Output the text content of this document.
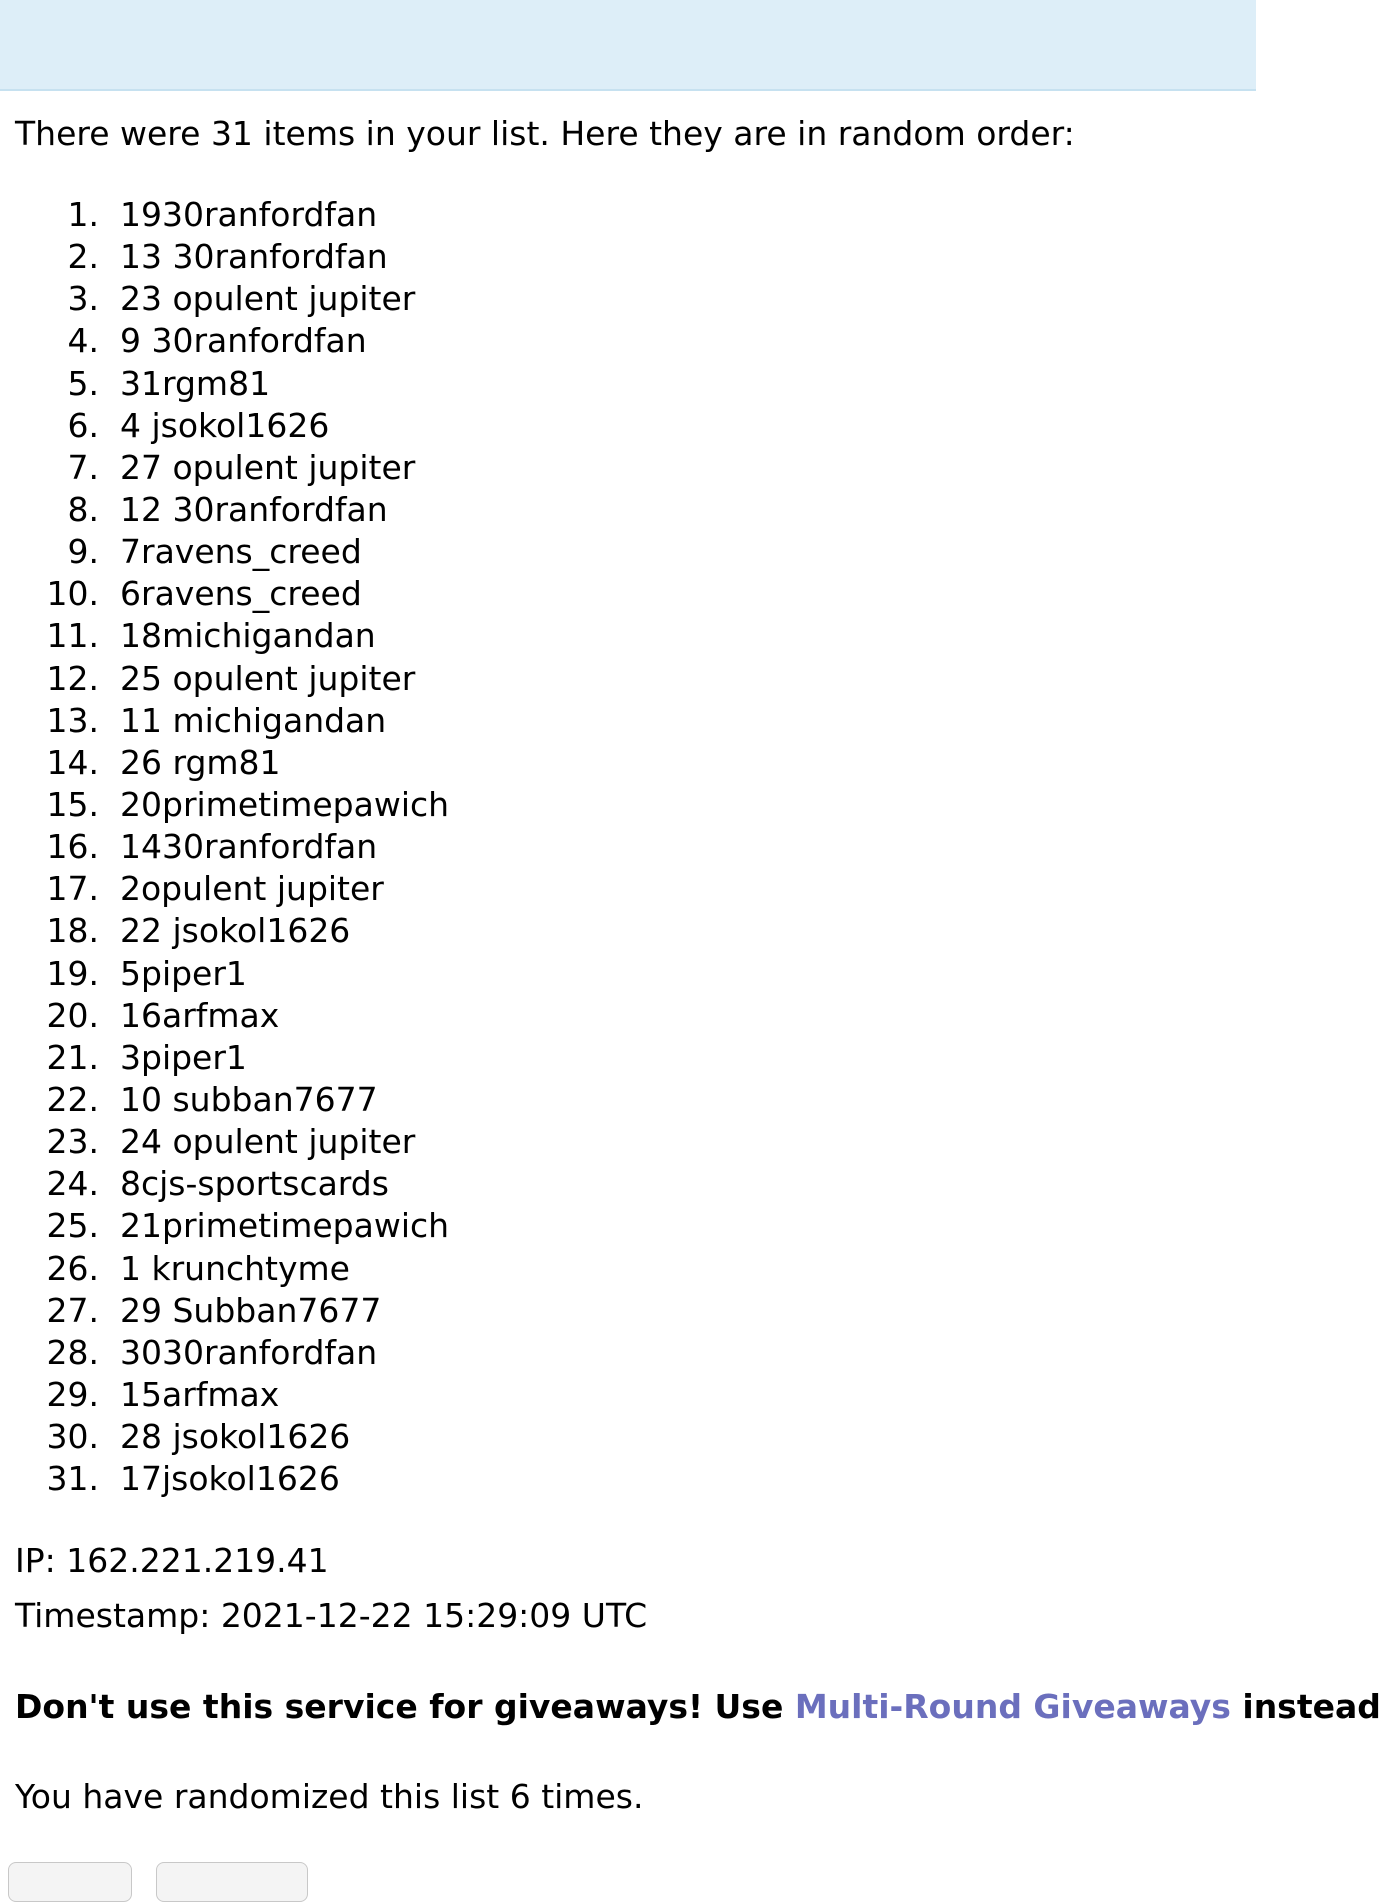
There were 31 items in your list. Here they are in random order:

1. 1930ranfordfan
2. 13 30ranfordfan
3. 23 opulent jupiter
4. 9 30ranfordfan
5. 31rgm81
6. 4 jsokol1626
7. 27 opulent jupiter
8. 12 30ranfordfan
9. 7ravens_creed
10. 6ravens_creed
11. 18michigandan
12. 25 opulent jupiter
13. 11 michigandan
14. 26 rgm81
15. 20primetimepawich
16. 1430ranfordfan
17. 2opulent jupiter
18. 22 jsokol1626
19. 5piper1
20. 16arfmax
21. 3piper1
22. 10 subban7677
23. 24 opulent jupiter
24. 8cjs-sportscards
25. 21primetimepawich
26. 1 krunchtyme
27. 29 Subban7677
28. 3030ranfordfan
29. 15arfmax
30. 28 jsokol1626
31. 17jsokol1626

IP: 162.221.219.41

Timestamp: 2021-12-22 15:29:09 UTC

Don't use this service for giveaways! Use Multi-Round Giveaways instead

You have randomized this list 6 times.
